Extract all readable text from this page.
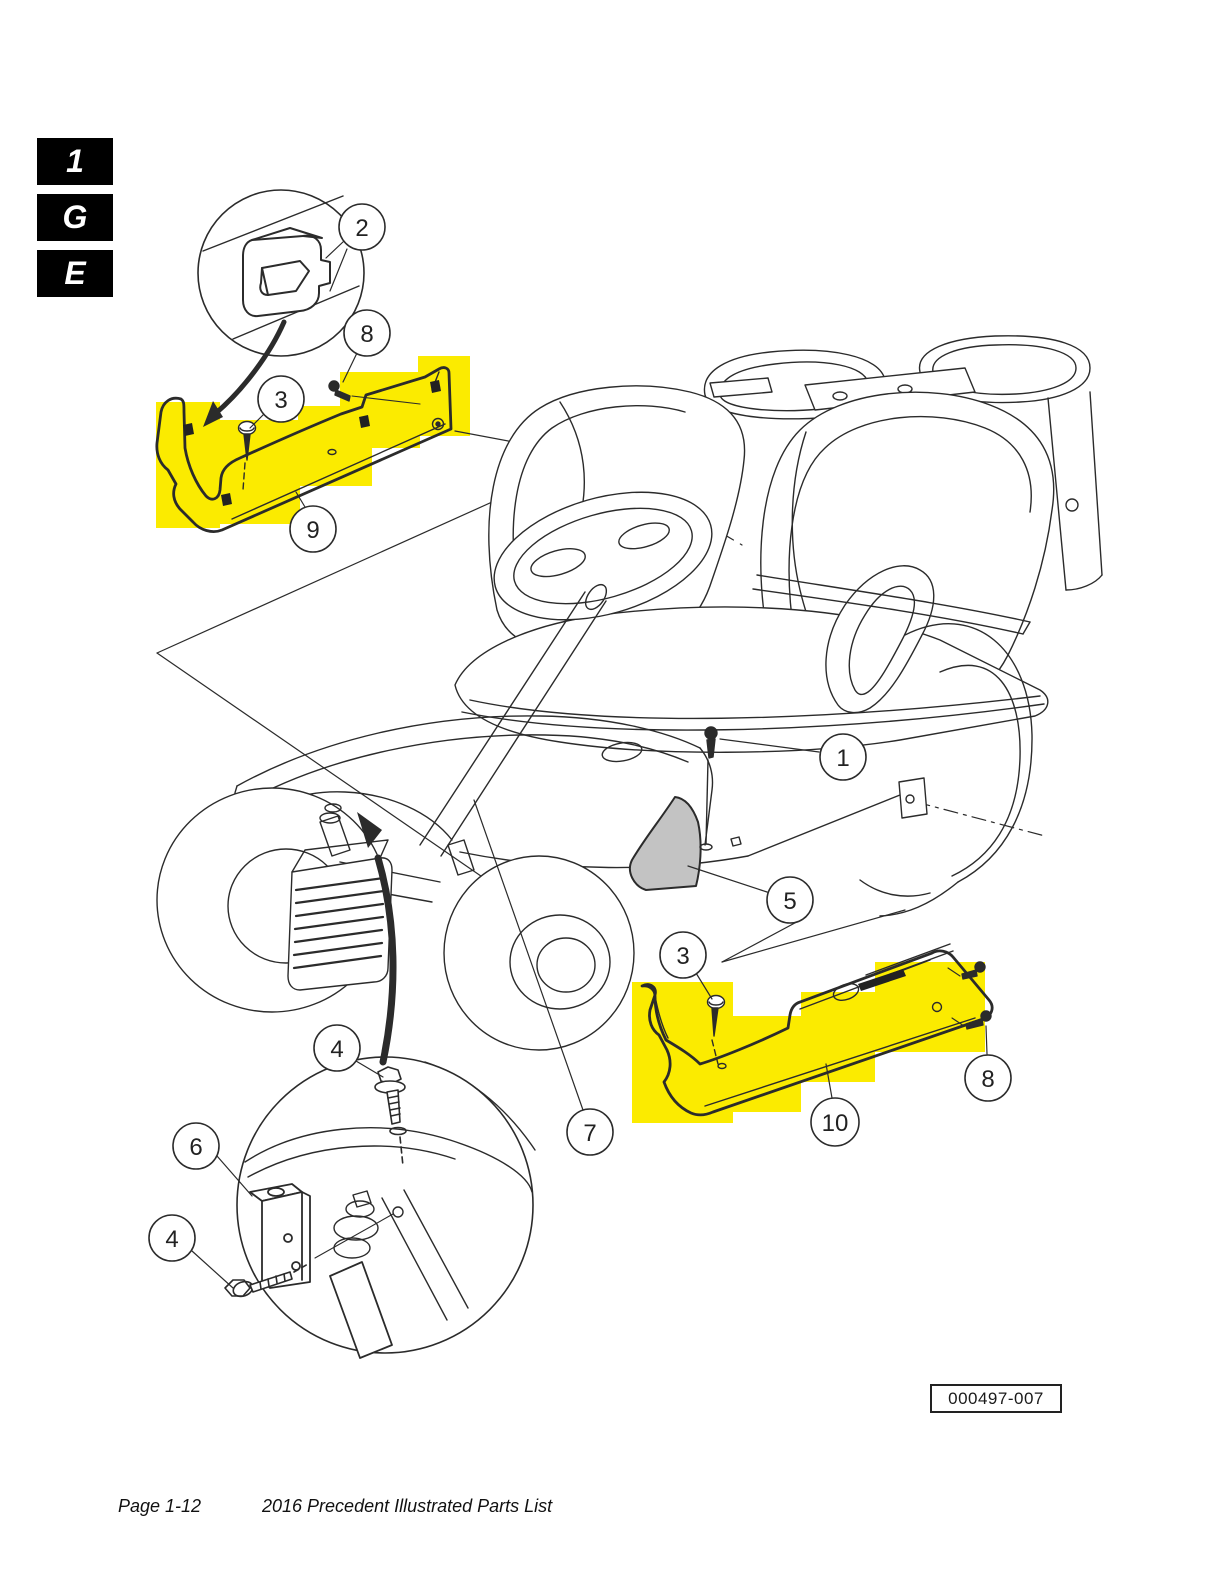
1
G
E
2
8
3
9
1
5
3
7	10
8
4
6
4
000497-007
Page 1-12	2016 Precedent Illustrated Parts List
